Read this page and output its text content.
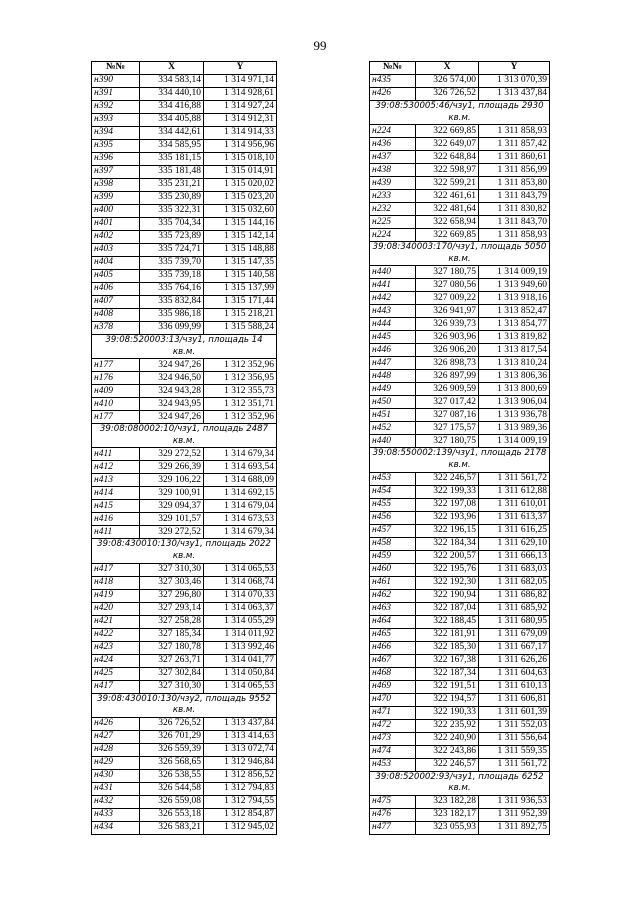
99
№№	X	Y
н390	334 583,14	1 314 971,14
н391	334 440,10	1 314 928,61
н392	334 416,88	1 314 927,24
н393	334 405,88	1 314 912,31
н394	334 442,61	1 314 914,33
н395	334 585,95	1 314 956,96
н396	335 181,15	1 315 018,10
н397	335 181,48	1 315 014,91
н398	335 231,21	1 315 020,02
н399	335 230,89	1 315 023,20
н400	335 322,31	1 315 032,60
н401	335 704,34	1 315 144,16
н402	335 723,89	1 315 142,14
н403	335 724,71	1 315 148,88
н404	335 739,70	1 315 147,35
н405	335 739,18	1 315 140,58
н406	335 764,16	1 315 137,99
н407	335 832,84	1 315 171,44
н408	335 986,18	1 315 218,21
н378	336 099,99	1 315 588,24
39:08:520003:13/чзу1, площадь 14 кв.м.		
н177	324 947,26	1 312 352,96
н176	324 946,50	1 312 356,95
н409	324 943,28	1 312 355,73
н410	324 943,95	1 312 351,71
н177	324 947,26	1 312 352,96
39:08:080002:10/чзу1, площадь 2487 кв.м.		
н411	329 272,52	1 314 679,34
н412	329 266,39	1 314 693,54
н413	329 106,22	1 314 688,09
н414	329 100,91	1 314 692,15
н415	329 094,37	1 314 679,04
н416	329 101,57	1 314 673,53
н411	329 272,52	1 314 679,34
39:08:430010:130/чзу1, площадь 2022 кв.м.		
н417	327 310,30	1 314 065,53
н418	327 303,46	1 314 068,74
н419	327 296,80	1 314 070,33
н420	327 293,14	1 314 063,37
н421	327 258,28	1 314 055,29
н422	327 185,34	1 314 011,92
н423	327 180,78	1 313 992,46
н424	327 263,71	1 314 041,77
н425	327 302,84	1 314 050,84
н417	327 310,30	1 314 065,53
39:08:430010:130/чзу2, площадь 9552 кв.м.		
н426	326 726,52	1 313 437,84
н427	326 701,29	1 313 414,63
н428	326 559,39	1 313 072,74
н429	326 568,65	1 312 946,84
н430	326 538,55	1 312 856,52
н431	326 544,58	1 312 794,83
н432	326 559,08	1 312 794,55
н433	326 553,18	1 312 854,87
н434	326 583,21	1 312 945,02
№№	X	Y
н435	326 574,00	1 313 070,39
н426	326 726,52	1 313 437,84
39:08:530005:46/чзу1, площадь 2930 кв.м.		
н224	322 669,85	1 311 858,93
н436	322 649,07	1 311 857,42
н437	322 648,84	1 311 860,61
н438	322 598,97	1 311 856,99
н439	322 599,21	1 311 853,80
н233	322 461,61	1 311 843,79
н232	322 481,64	1 311 830,82
н225	322 658,94	1 311 843,70
н224	322 669,85	1 311 858,93
39:08:340003:170/чзу1, площадь 5050 кв.м.		
н440	327 180,75	1 314 009,19
н441	327 080,56	1 313 949,60
н442	327 009,22	1 313 918,16
н443	326 941,97	1 313 852,47
н444	326 939,73	1 313 854,77
н445	326 903,96	1 313 819,82
н446	326 906,20	1 313 817,54
н447	326 898,73	1 313 810,24
н448	326 897,99	1 313 806,36
н449	326 909,59	1 313 800,69
н450	327 017,42	1 313 906,04
н451	327 087,16	1 313 936,78
н452	327 175,57	1 313 989,36
н440	327 180,75	1 314 009,19
39:08:550002:139/чзу1, площадь 2178 кв.м.		
н453	322 246,57	1 311 561,72
н454	322 199,33	1 311 612,88
н455	322 197,08	1 311 610,01
н456	322 193,96	1 311 613,37
н457	322 196,15	1 311 616,25
н458	322 184,34	1 311 629,10
н459	322 200,57	1 311 666,13
н460	322 195,76	1 311 683,03
н461	322 192,30	1 311 682,05
н462	322 190,94	1 311 686,82
н463	322 187,04	1 311 685,92
н464	322 188,45	1 311 680,95
н465	322 181,91	1 311 679,09
н466	322 185,30	1 311 667,17
н467	322 167,38	1 311 626,26
н468	322 187,34	1 311 604,63
н469	322 191,51	1 311 610,13
н470	322 194,57	1 311 606,81
н471	322 190,33	1 311 601,39
н472	322 235,92	1 311 552,03
н473	322 240,90	1 311 556,64
н474	322 243,86	1 311 559,35
н453	322 246,57	1 311 561,72
39:08:520002:93/чзу1, площадь 6252 кв.м.		
н475	323 182,28	1 311 936,53
н476	323 182,17	1 311 952,39
н477	323 055,93	1 311 892,75
